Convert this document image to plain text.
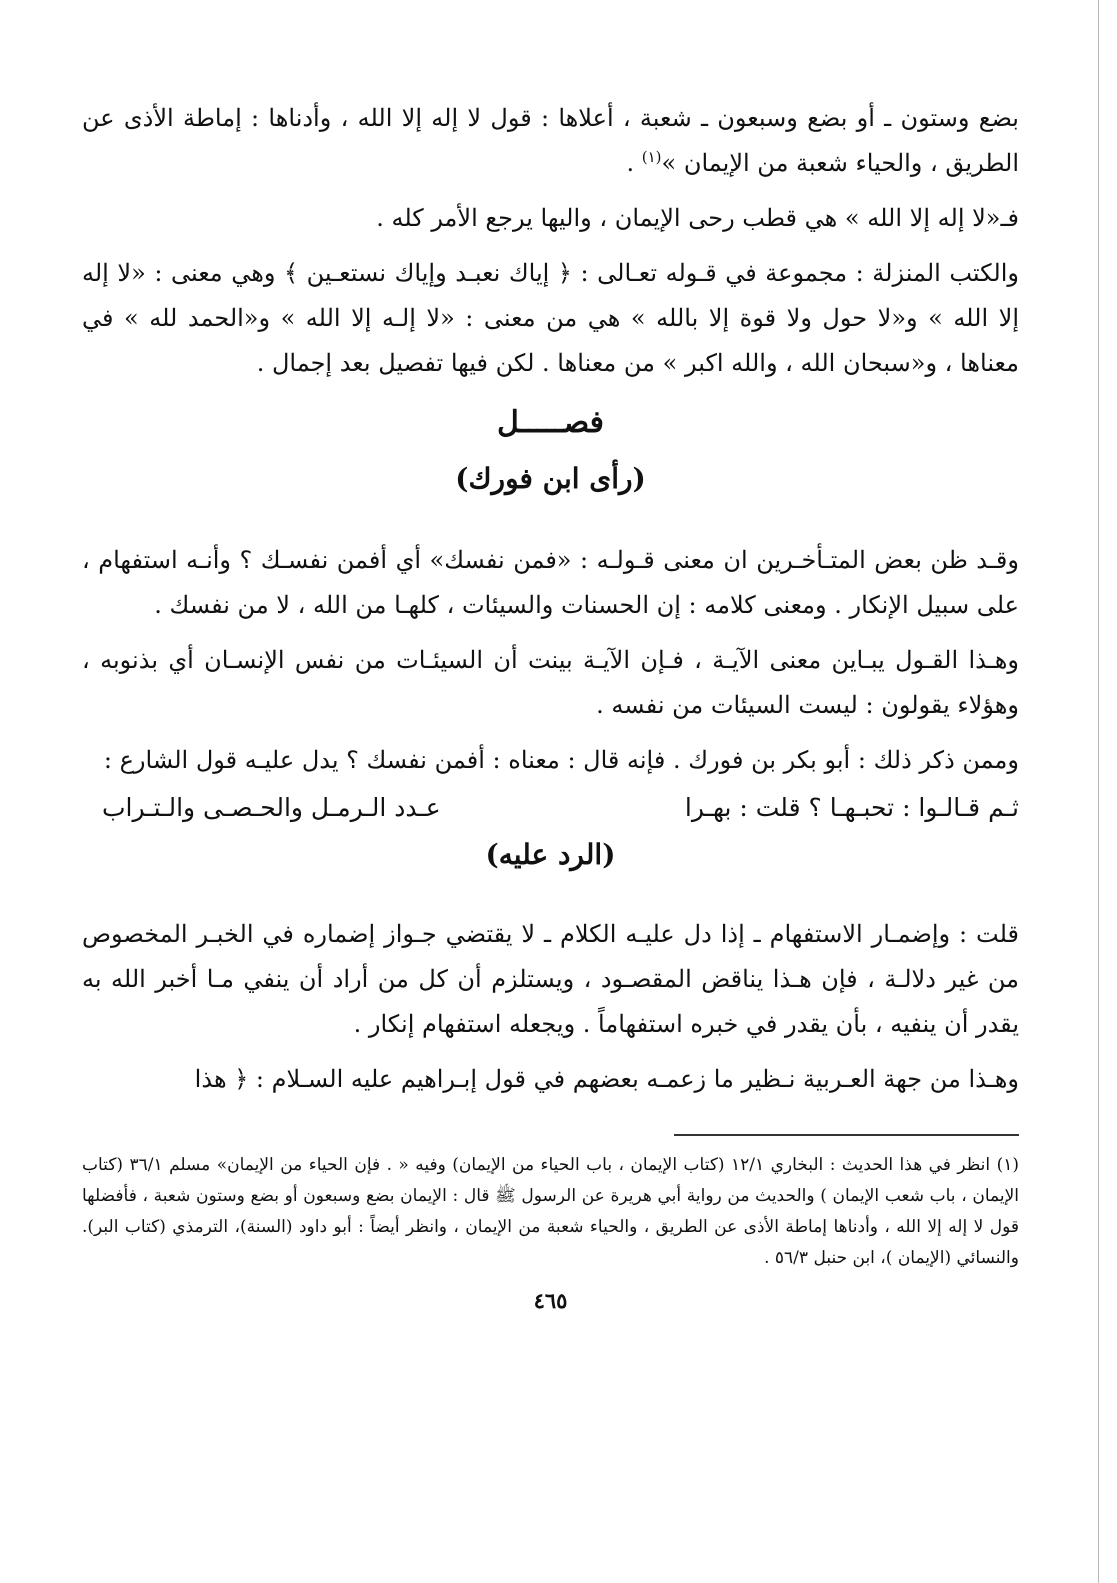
بضع وستون ـ أو بضع وسبعون ـ شعبة ، أعلاها : قول لا إله إلا الله ، وأدناها : إماطة الأذى عن الطريق ، والحياء شعبة من الإيمان »$^{(١)}$ .

فـ«لا إله إلا الله » هي قطب رحى الإيمان ، واليها يرجع الأمر كله .

والكتب المنزلة : مجموعة في قـوله تعـالى : ﴿ إياك نعبـد وإياك نستعـين ﴾ وهي معنى : «لا إله إلا الله » و«لا حول ولا قوة إلا بالله » هي من معنى : «لا إلـه إلا الله » و«الحمد لله » في معناها ، و«سبحان الله ، والله اكبر » من معناها . لكن فيها تفصيل بعد إجمال .

فصـــــل
(رأى ابن فورك)

وقـد ظن بعض المتـأخـرين ان معنى قـولـه : «فمن نفسك» أي أفمن نفسـك ؟ وأنـه استفهام ، على سبيل الإنكار . ومعنى كلامه : إن الحسنات والسيئات ، كلهـا من الله ، لا من نفسك .

وهـذا القـول يبـاين معنى الآيـة ، فـإن الآيـة بينت أن السيئـات من نفس الإنسـان أي بذنوبه ، وهؤلاء يقولون : ليست السيئات من نفسه .

وممن ذكر ذلك : أبو بكر بن فورك . فإنه قال : معناه : أفمن نفسك ؟ يدل عليـه قول الشارع :

ثـم قـالـوا : تحبـهـا ؟ قلت : بهـرا
عـدد الـرمـل والحـصـى والـتـراب
(الرد عليه)

قلت : وإضمـار الاستفهام ـ إذا دل عليـه الكلام ـ لا يقتضي جـواز إضماره في الخبـر المخصوص من غير دلالـة ، فإن هـذا يناقض المقصـود ، ويستلزم أن كل من أراد أن ينفي مـا أخبر الله به يقدر أن ينفيه ، بأن يقدر في خبره استفهاماً . ويجعله استفهام إنكار .

وهـذا من جهة العـربية نـظير ما زعمـه بعضهم في قول إبـراهيم عليه السـلام : ﴿ هذا

(١) انظر في هذا الحديث : البخاري ١٢/١ (كتاب الإيمان ، باب الحياء من الإيمان) وفيه « . فإن الحياء من الإيمان» مسلم ٣٦/١ (كتاب الإيمان ، باب شعب الإيمان ) والحديث من رواية أبي هريرة عن الرسول ﷺ قال : الإيمان بضع وسبعون أو بضع وستون شعبة ، فأفضلها قول لا إله إلا الله ، وأدناها إماطة الأذى عن الطريق ، والحياء شعبة من الإيمان ، وانظر أيضاً : أبو داود (السنة)، الترمذي (كتاب البر). والنسائي (الإيمان )، ابن حنبل ٥٦/٣ .

٤٦٥
